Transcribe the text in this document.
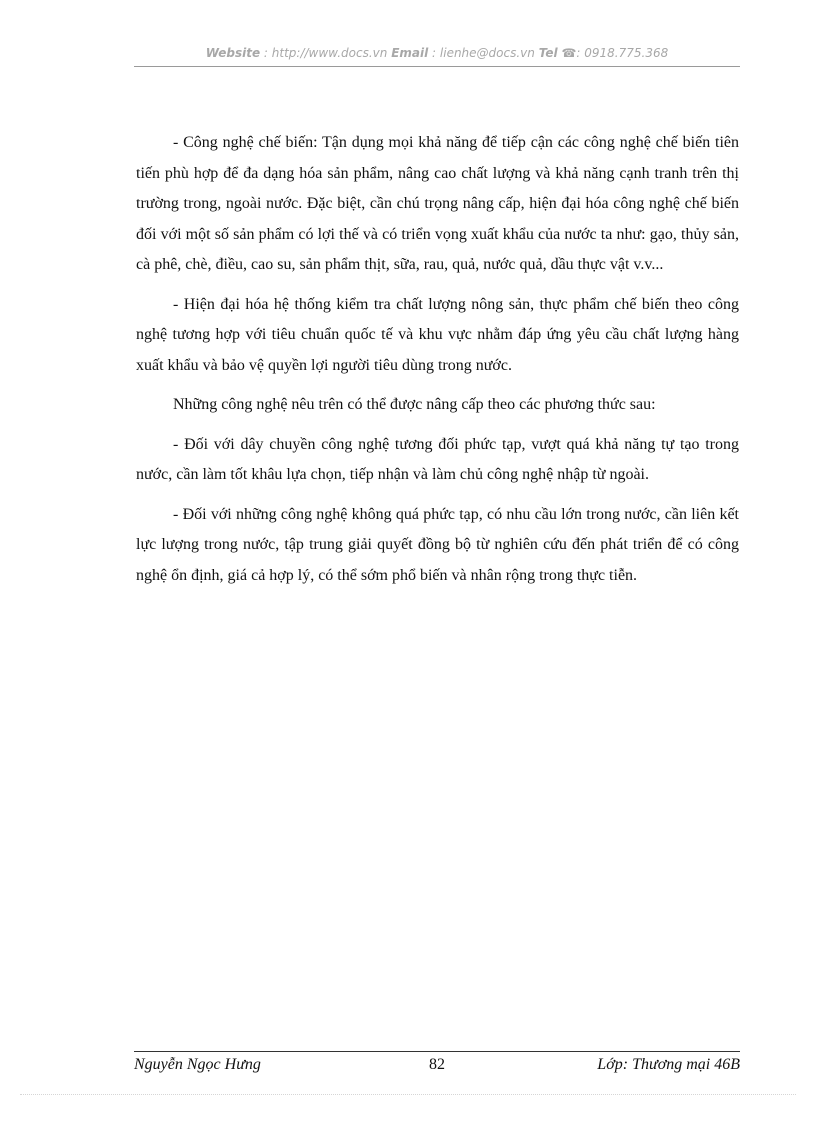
Website : http://www.docs.vn Email : lienhe@docs.vn Tel ☎: 0918.775.368

- Công nghệ chế biến: Tận dụng mọi khả năng để tiếp cận các công nghệ chế biến tiên tiến phù hợp để đa dạng hóa sản phẩm, nâng cao chất lượng và khả năng cạnh tranh trên thị trường trong, ngoài nước. Đặc biệt, cần chú trọng nâng cấp, hiện đại hóa công nghệ chế biến đối với một số sản phẩm có lợi thế và có triển vọng xuất khẩu của nước ta như: gạo, thủy sản, cà phê, chè, điều, cao su, sản phẩm thịt, sữa, rau, quả, nước quả, dầu thực vật v.v...

- Hiện đại hóa hệ thống kiểm tra chất lượng nông sản, thực phẩm chế biến theo công nghệ tương hợp với tiêu chuẩn quốc tế và khu vực nhằm đáp ứng yêu cầu chất lượng hàng xuất khẩu và bảo vệ quyền lợi người tiêu dùng trong nước.

Những công nghệ nêu trên có thể được nâng cấp theo các phương thức sau:

- Đối với dây chuyền công nghệ tương đối phức tạp, vượt quá khả năng tự tạo trong nước, cần làm tốt khâu lựa chọn, tiếp nhận và làm chủ công nghệ nhập từ ngoài.

- Đối với những công nghệ không quá phức tạp, có nhu cầu lớn trong nước, cần liên kết lực lượng trong nước, tập trung giải quyết đồng bộ từ nghiên cứu đến phát triển để có công nghệ ổn định, giá cả hợp lý, có thể sớm phổ biến và nhân rộng trong thực tiễn.

Nguyễn Ngọc Hưng	82	Lớp: Thương mại 46B
